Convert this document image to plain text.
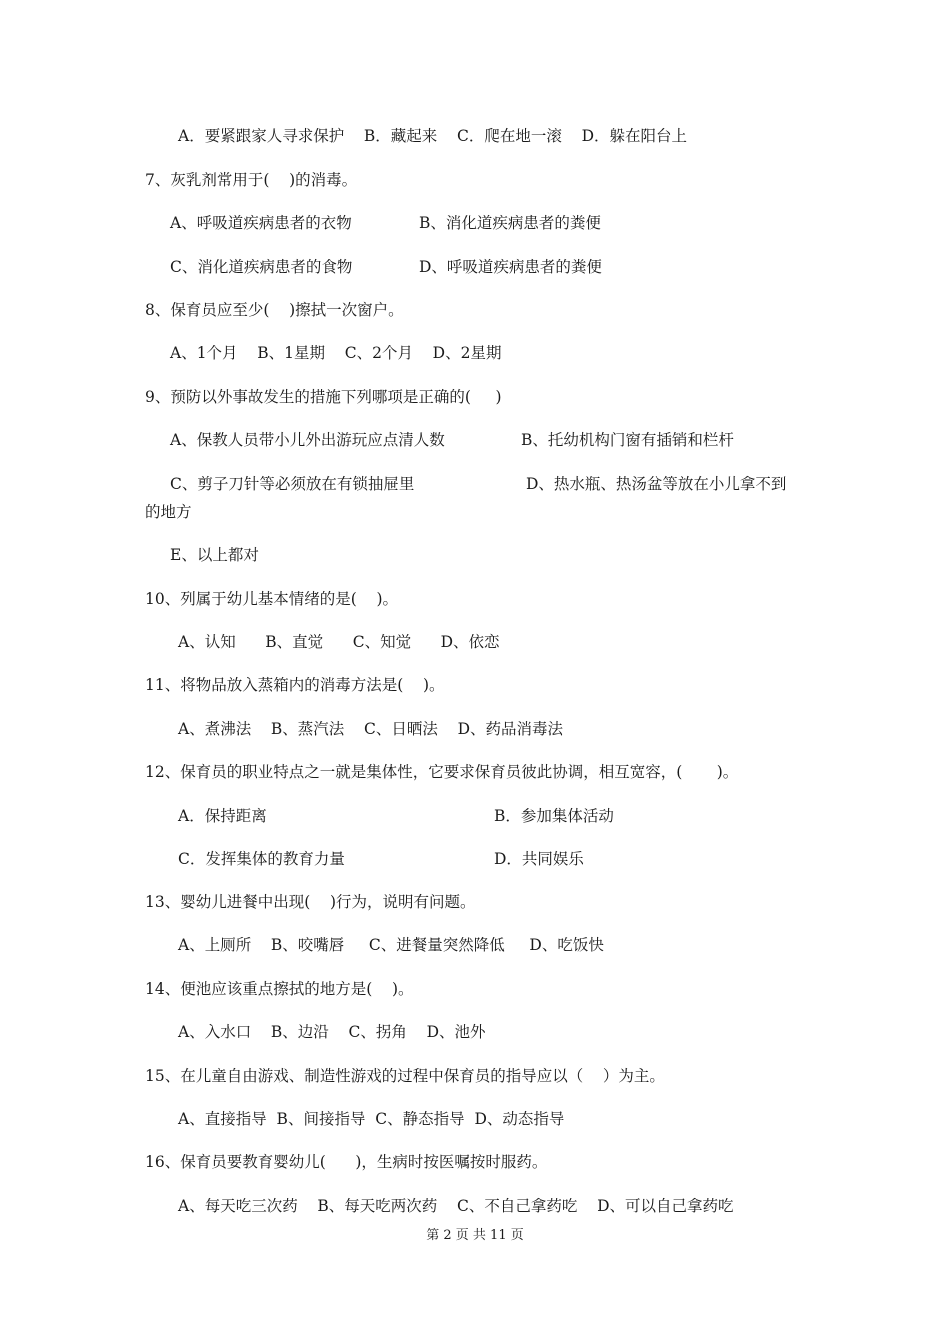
A．要紧跟家人寻求保护    B．藏起来    C．爬在地一滚    D．躲在阳台上
7、灰乳剂常用于(    )的消毒。
A、呼吸道疾病患者的衣物	B、消化道疾病患者的粪便
C、消化道疾病患者的食物	D、呼吸道疾病患者的粪便
8、保育员应至少(    )擦拭一次窗户。
A、1个月    B、1星期    C、2个月    D、2星期
9、预防以外事故发生的措施下列哪项是正确的(     )
A、保教人员带小儿外出游玩应点清人数	B、托幼机构门窗有插销和栏杆
C、剪子刀针等必须放在有锁抽屉里	D、热水瓶、热汤盆等放在小儿拿不到
的地方
E、以上都对
10、列属于幼儿基本情绪的是(    )。
A、认知      B、直觉      C、知觉      D、依恋
11、将物品放入蒸箱内的消毒方法是(    )。
A、煮沸法    B、蒸汽法    C、日晒法    D、药品消毒法
12、保育员的职业特点之一就是集体性，它要求保育员彼此协调，相互宽容，(       )。
A．保持距离	B．参加集体活动
C．发挥集体的教育力量	D．共同娱乐
13、婴幼儿进餐中出现(    )行为，说明有问题。
A、上厕所    B、咬嘴唇     C、进餐量突然降低     D、吃饭快
14、便池应该重点擦拭的地方是(    )。
A、入水口    B、边沿    C、拐角    D、池外
15、在儿童自由游戏、制造性游戏的过程中保育员的指导应以（    ）为主。
A、直接指导  B、间接指导  C、静态指导  D、动态指导
16、保育员要教育婴幼儿(      )，生病时按医嘱按时服药。
A、每天吃三次药    B、每天吃两次药    C、不自己拿药吃    D、可以自己拿药吃
第 2 页 共 11 页
